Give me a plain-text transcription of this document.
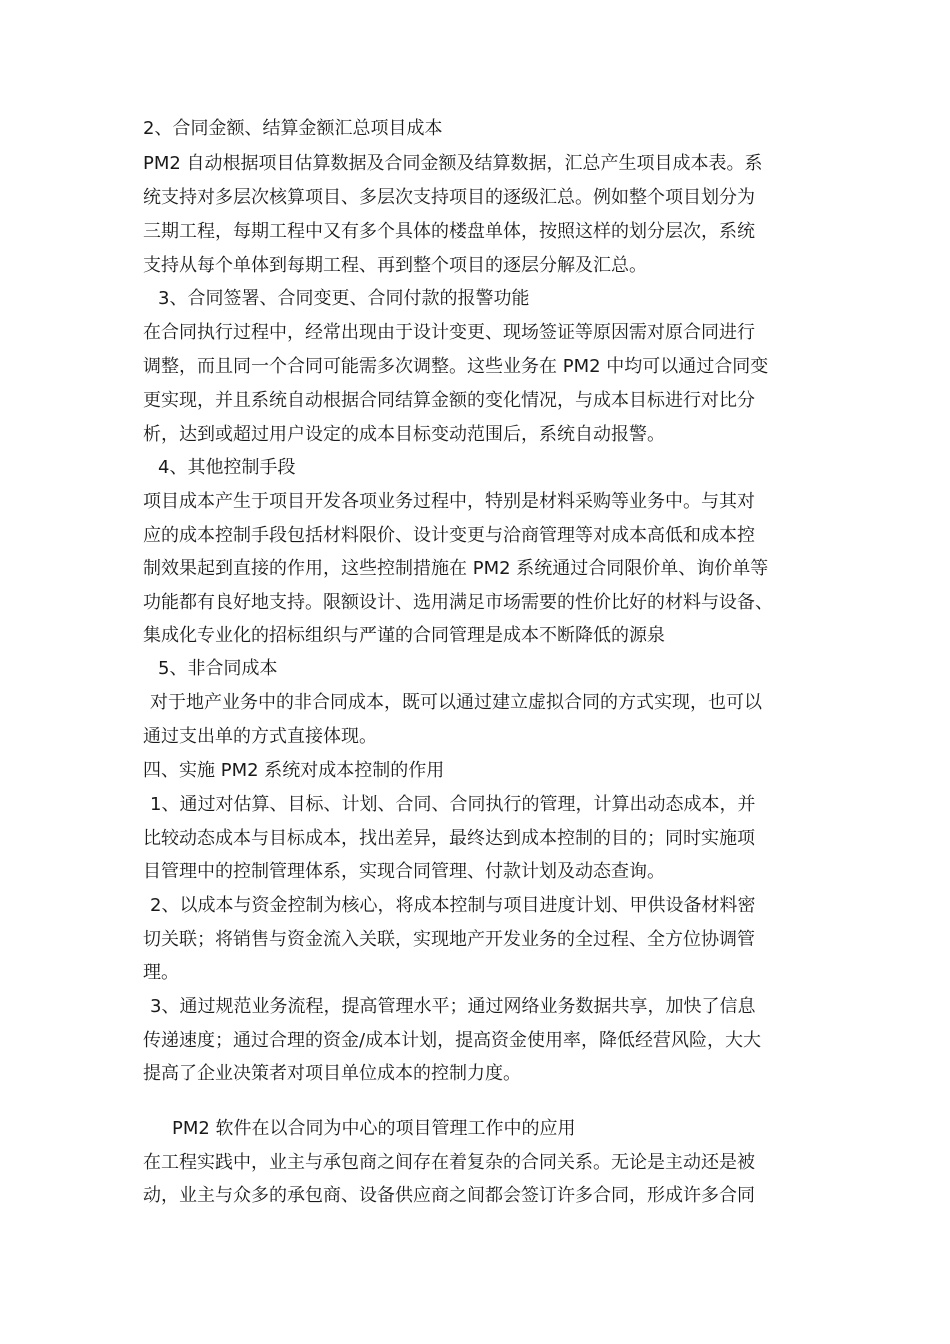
2、合同金额、结算金额汇总项目成本
PM2 自动根据项目估算数据及合同金额及结算数据，汇总产生项目成本表。系
统支持对多层次核算项目、多层次支持项目的逐级汇总。例如整个项目划分为
三期工程，每期工程中又有多个具体的楼盘单体，按照这样的划分层次，系统
支持从每个单体到每期工程、再到整个项目的逐层分解及汇总。
3、合同签署、合同变更、合同付款的报警功能
在合同执行过程中，经常出现由于设计变更、现场签证等原因需对原合同进行
调整，而且同一个合同可能需多次调整。这些业务在 PM2 中均可以通过合同变
更实现，并且系统自动根据合同结算金额的变化情况，与成本目标进行对比分
析，达到或超过用户设定的成本目标变动范围后，系统自动报警。
4、其他控制手段
项目成本产生于项目开发各项业务过程中，特别是材料采购等业务中。与其对
应的成本控制手段包括材料限价、设计变更与洽商管理等对成本高低和成本控
制效果起到直接的作用，这些控制措施在 PM2 系统通过合同限价单、询价单等
功能都有良好地支持。限额设计、选用满足市场需要的性价比好的材料与设备、
集成化专业化的招标组织与严谨的合同管理是成本不断降低的源泉
5、非合同成本
对于地产业务中的非合同成本，既可以通过建立虚拟合同的方式实现，也可以
通过支出单的方式直接体现。
四、实施 PM2 系统对成本控制的作用
1、通过对估算、目标、计划、合同、合同执行的管理，计算出动态成本，并
比较动态成本与目标成本，找出差异，最终达到成本控制的目的；同时实施项
目管理中的控制管理体系，实现合同管理、付款计划及动态查询。
2、以成本与资金控制为核心，将成本控制与项目进度计划、甲供设备材料密
切关联；将销售与资金流入关联，实现地产开发业务的全过程、全方位协调管
理。
3、通过规范业务流程，提高管理水平；通过网络业务数据共享，加快了信息
传递速度；通过合理的资金/成本计划，提高资金使用率，降低经营风险，大大
提高了企业决策者对项目单位成本的控制力度。
PM2 软件在以合同为中心的项目管理工作中的应用
在工程实践中，业主与承包商之间存在着复杂的合同关系。无论是主动还是被
动，业主与众多的承包商、设备供应商之间都会签订许多合同，形成许多合同
